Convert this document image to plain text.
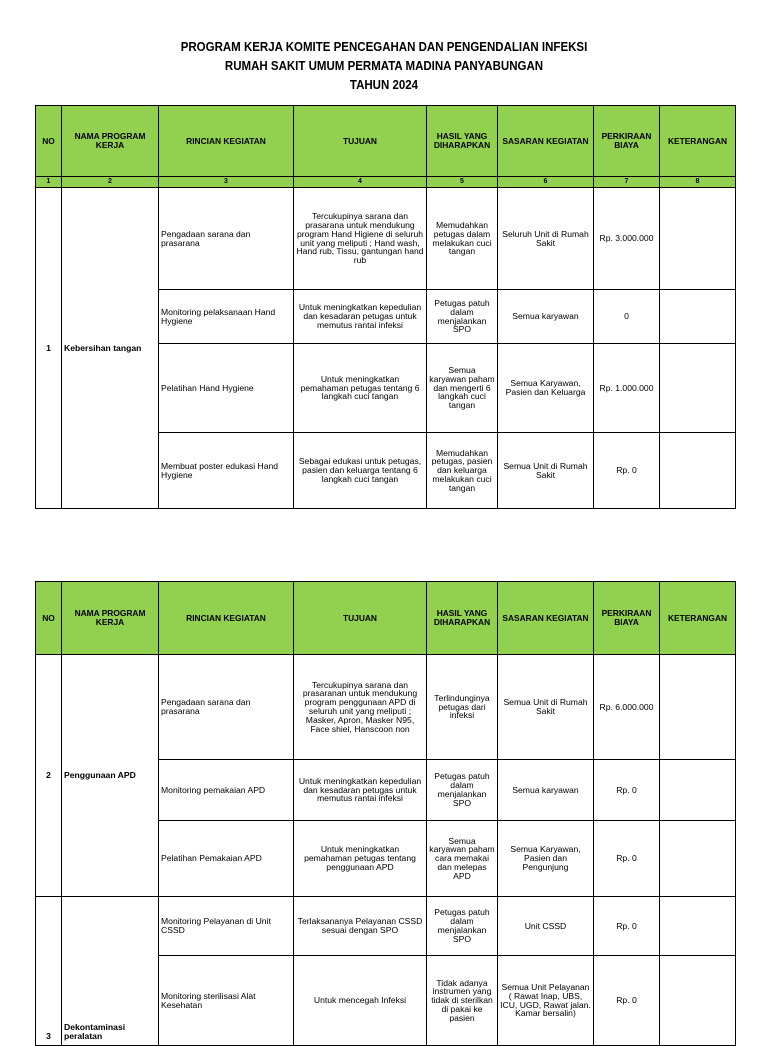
PROGRAM KERJA KOMITE PENCEGAHAN DAN PENGENDALIAN INFEKSI
RUMAH SAKIT UMUM PERMATA MADINA PANYABUNGAN
TAHUN 2024
NO	NAMA PROGRAM KERJA	RINCIAN KEGIATAN	TUJUAN	HASIL YANG DIHARAPKAN	SASARAN KEGIATAN	PERKIRAAN BIAYA	KETERANGAN
1	2	3	4	5	6	7	8
1	Kebersihan tangan	Pengadaan sarana dan prasarana	Tercukupinya sarana dan prasarana untuk mendukung program Hand Higiene di seluruh unit yang meliputi ; Hand wash, Hand rub, Tissu, gantungan hand rub	Memudahkan petugas dalam melakukan cuci tangan	Seluruh Unit di Rumah Sakit	Rp. 3.000.000	
		Monitoring pelaksanaan Hand Hygiene	Untuk meningkatkan kepedulian dan kesadaran petugas untuk memutus rantai infeksi	Petugas patuh dalam menjalankan SPO	Semua karyawan	0	
		Pelatihan Hand Hygiene	Untuk meningkatkan pemahaman petugas tentang 6 langkah cuci tangan	Semua karyawan paham dan mengerti 6 langkah cuci tangan	Semua Karyawan, Pasien dan Keluarga	Rp. 1.000.000	
		Membuat poster edukasi Hand Hygiene	Sebagai edukasi untuk petugas, pasien dan keluarga tentang 6 langkah cuci tangan	Memudahkan petugas, pasien dan keluarga melakukan cuci tangan	Semua Unit di Rumah Sakit	Rp. 0	
NO	NAMA PROGRAM KERJA	RINCIAN KEGIATAN	TUJUAN	HASIL YANG DIHARAPKAN	SASARAN KEGIATAN	PERKIRAAN BIAYA	KETERANGAN
2	Penggunaan APD	Pengadaan sarana dan prasarana	Tercukupinya sarana dan prasaranan untuk mendukung program penggunaan APD di seluruh unit yang meliputi ; Masker, Apron, Masker N95, Face shiel, Hanscoon non	Terlindunginya petugas dari infeksi	Semua Unit di Rumah Sakit	Rp. 6.000.000	
		Monitoring pemakaian APD	Untuk meningkatkan kepedulian dan kesadaran petugas untuk memutus rantai infeksi	Petugas patuh dalam menjalankan SPO	Semua karyawan	Rp. 0	
		Pelatihan Pemakaian APD	Untuk meningkatkan pemahaman petugas tentang penggunaan APD	Semua karyawan paham cara memakai dan melepas APD	Semua Karyawan, Pasien dan Pengunjung	Rp. 0	
3	Dekontaminasi peralatan	Monitoring Pelayanan di Unit CSSD	Terlaksananya Pelayanan CSSD sesuai dengan SPO	Petugas patuh dalam menjalankan SPO	Unit CSSD	Rp. 0	
		Monitoring sterilisasi Alat Kesehatan	Untuk mencegah Infeksi	Tidak adanya instrumen yang tidak di sterilkan di pakai ke pasien	Semua Unit Pelayanan ( Rawat Inap, UBS, ICU, UGD, Rawat jalan. Kamar bersalin)	Rp. 0	
